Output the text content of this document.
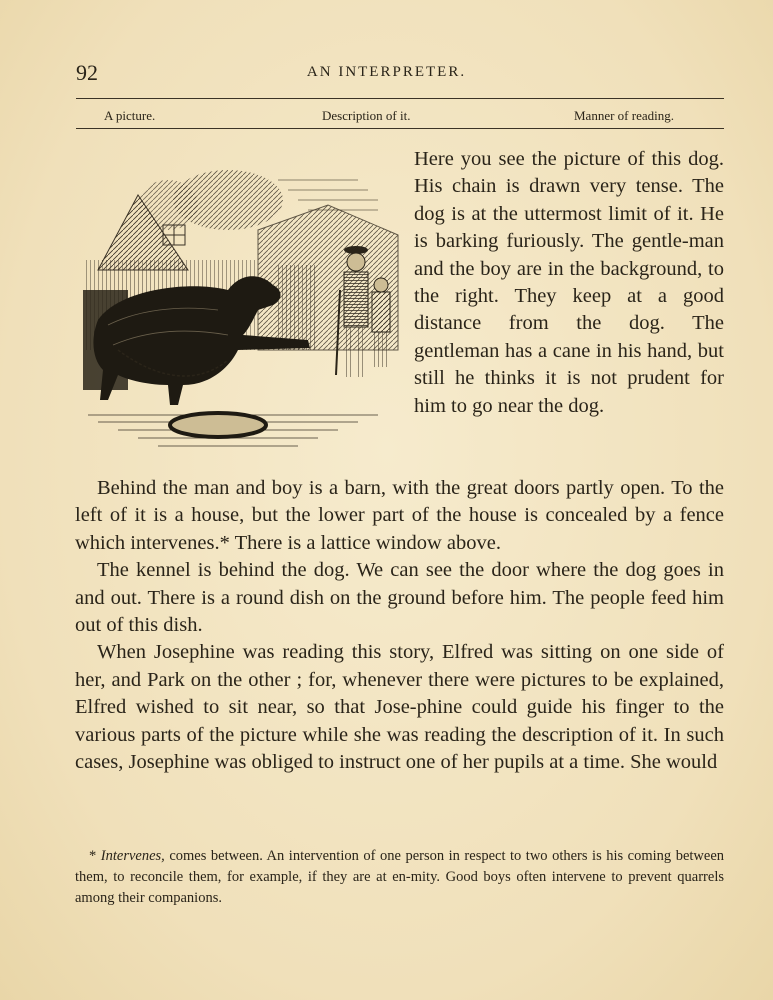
92	AN INTERPRETER.
A picture.	Description of it.	Manner of reading.

Here you see the picture of this dog. His chain is drawn very tense. The dog is at the uttermost limit of it. He is barking furiously. The gentle-man and the boy are in the background, to the right. They keep at a good distance from the dog. The gentleman has a cane in his hand, but still he thinks it is not prudent for him to go near the dog.

Behind the man and boy is a barn, with the great doors partly open. To the left of it is a house, but the lower part of the house is concealed by a fence which intervenes.* There is a lattice window above.

The kennel is behind the dog. We can see the door where the dog goes in and out. There is a round dish on the ground before him. The people feed him out of this dish.

When Josephine was reading this story, Elfred was sitting on one side of her, and Park on the other ; for, whenever there were pictures to be explained, Elfred wished to sit near, so that Jose-phine could guide his finger to the various parts of the picture while she was reading the description of it. In such cases, Josephine was obliged to instruct one of her pupils at a time. She would

* Intervenes, comes between. An intervention of one person in respect to two others is his coming between them, to reconcile them, for example, if they are at en-mity. Good boys often intervene to prevent quarrels among their companions.
